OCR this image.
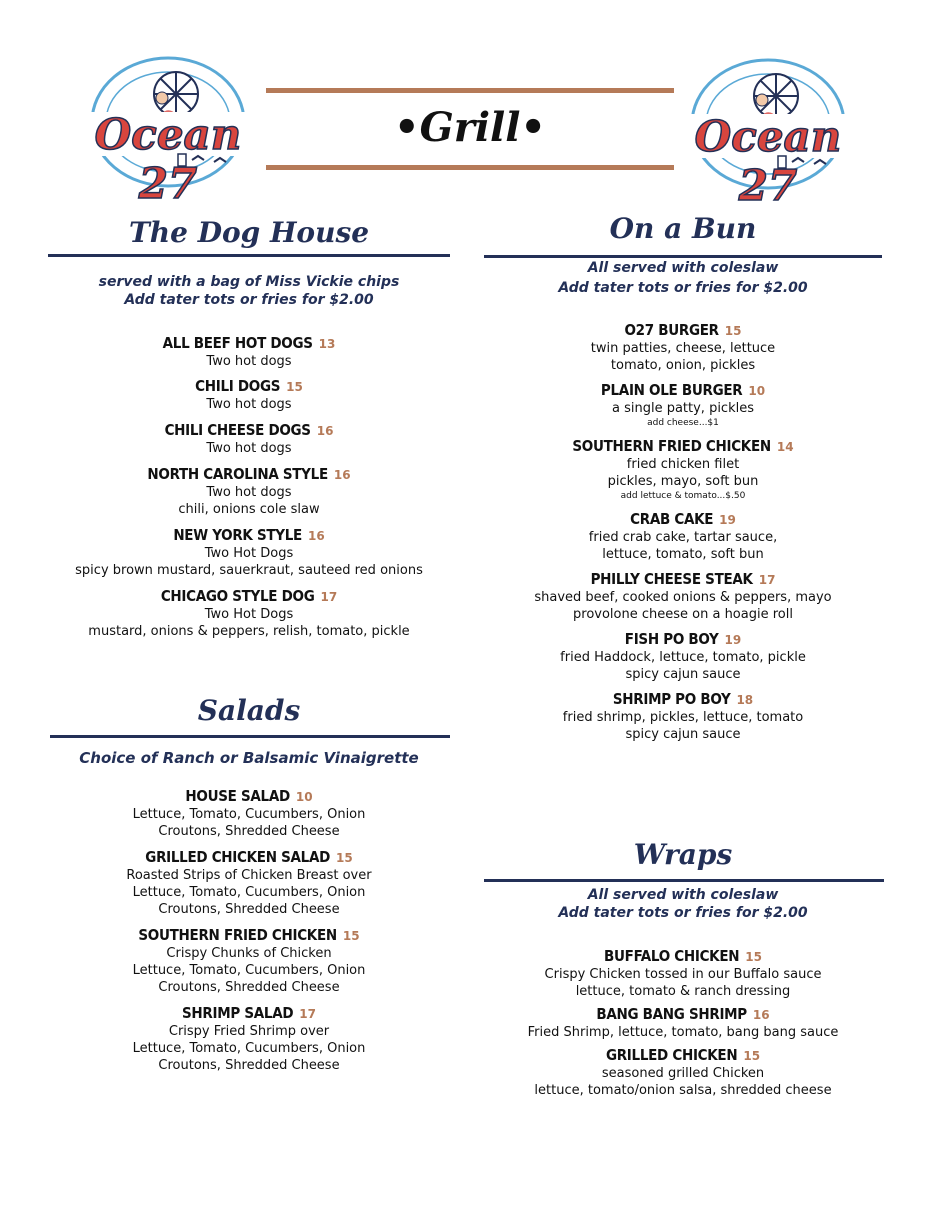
Ocean 27
Ocean 27
•Grill•
The Dog House
served with a bag of Miss Vickie chips
Add tater tots or fries for $2.00
ALL BEEF HOT DOGS 13
Two hot dogs
CHILI DOGS 15
Two hot dogs
CHILI CHEESE DOGS 16
Two hot dogs
NORTH CAROLINA STYLE 16
Two hot dogs
chili, onions cole slaw
NEW YORK STYLE 16
Two Hot Dogs
spicy brown mustard, sauerkraut, sauteed red onions
CHICAGO STYLE DOG 17
Two Hot Dogs
mustard, onions & peppers, relish, tomato, pickle
Salads
Choice of Ranch or Balsamic Vinaigrette
HOUSE SALAD 10
Lettuce, Tomato, Cucumbers, Onion
Croutons, Shredded Cheese
GRILLED CHICKEN SALAD 15
Roasted Strips of Chicken Breast over
Lettuce, Tomato, Cucumbers, Onion
Croutons, Shredded Cheese
SOUTHERN FRIED CHICKEN 15
Crispy Chunks of Chicken
Lettuce, Tomato, Cucumbers, Onion
Croutons, Shredded Cheese
SHRIMP SALAD 17
Crispy Fried Shrimp over
Lettuce, Tomato, Cucumbers, Onion
Croutons, Shredded Cheese
On a Bun
All served with coleslaw
Add tater tots or fries for $2.00
O27 BURGER 15
twin patties, cheese, lettuce
tomato, onion, pickles
PLAIN OLE BURGER 10
a single patty, pickles
add cheese...$1
SOUTHERN FRIED CHICKEN 14
fried chicken filet
pickles, mayo, soft bun
add lettuce & tomato...$.50
CRAB CAKE 19
fried crab cake, tartar sauce,
lettuce, tomato, soft bun
PHILLY CHEESE STEAK 17
shaved beef, cooked onions & peppers, mayo
provolone cheese on a hoagie roll
FISH PO BOY 19
fried Haddock, lettuce, tomato, pickle
spicy cajun sauce
SHRIMP PO BOY 18
fried shrimp, pickles, lettuce, tomato
spicy cajun sauce
Wraps
All served with coleslaw
Add tater tots or fries for $2.00
BUFFALO CHICKEN 15
Crispy Chicken tossed in our Buffalo sauce
lettuce, tomato & ranch dressing
BANG BANG SHRIMP 16
Fried Shrimp, lettuce, tomato, bang bang sauce
GRILLED CHICKEN 15
seasoned grilled Chicken
lettuce, tomato/onion salsa, shredded cheese
